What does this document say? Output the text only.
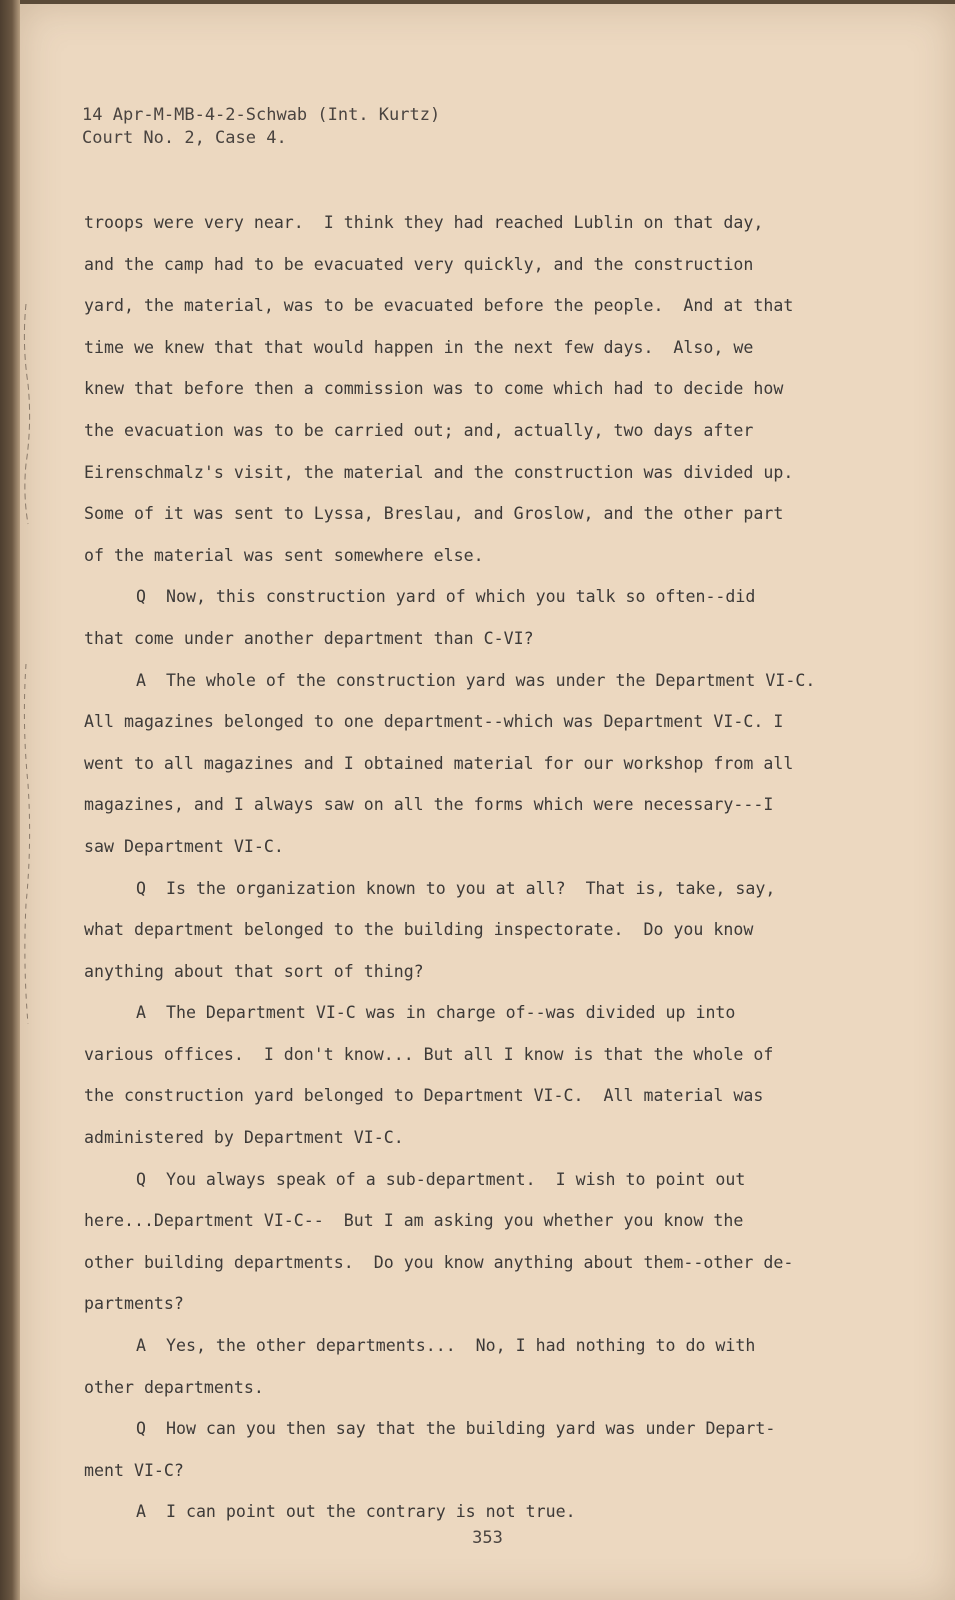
14 Apr-M-MB-4-2-Schwab (Int. Kurtz)
Court No. 2, Case 4.
troops were very near.  I think they had reached Lublin on that day,
and the camp had to be evacuated very quickly, and the construction
yard, the material, was to be evacuated before the people.  And at that
time we knew that that would happen in the next few days.  Also, we
knew that before then a commission was to come which had to decide how
the evacuation was to be carried out; and, actually, two days after
Eirenschmalz's visit, the material and the construction was divided up.
Some of it was sent to Lyssa, Breslau, and Groslow, and the other part
of the material was sent somewhere else.
Q  Now, this construction yard of which you talk so often--did
that come under another department than C-VI?
A  The whole of the construction yard was under the Department VI-C.
All magazines belonged to one department--which was Department VI-C. I
went to all magazines and I obtained material for our workshop from all
magazines, and I always saw on all the forms which were necessary---I
saw Department VI-C.
Q  Is the organization known to you at all?  That is, take, say,
what department belonged to the building inspectorate.  Do you know
anything about that sort of thing?
A  The Department VI-C was in charge of--was divided up into
various offices.  I don't know... But all I know is that the whole of
the construction yard belonged to Department VI-C.  All material was
administered by Department VI-C.
Q  You always speak of a sub-department.  I wish to point out
here...Department VI-C--  But I am asking you whether you know the
other building departments.  Do you know anything about them--other de-
partments?
A  Yes, the other departments...  No, I had nothing to do with
other departments.
Q  How can you then say that the building yard was under Depart-
ment VI-C?
A  I can point out the contrary is not true.
353
